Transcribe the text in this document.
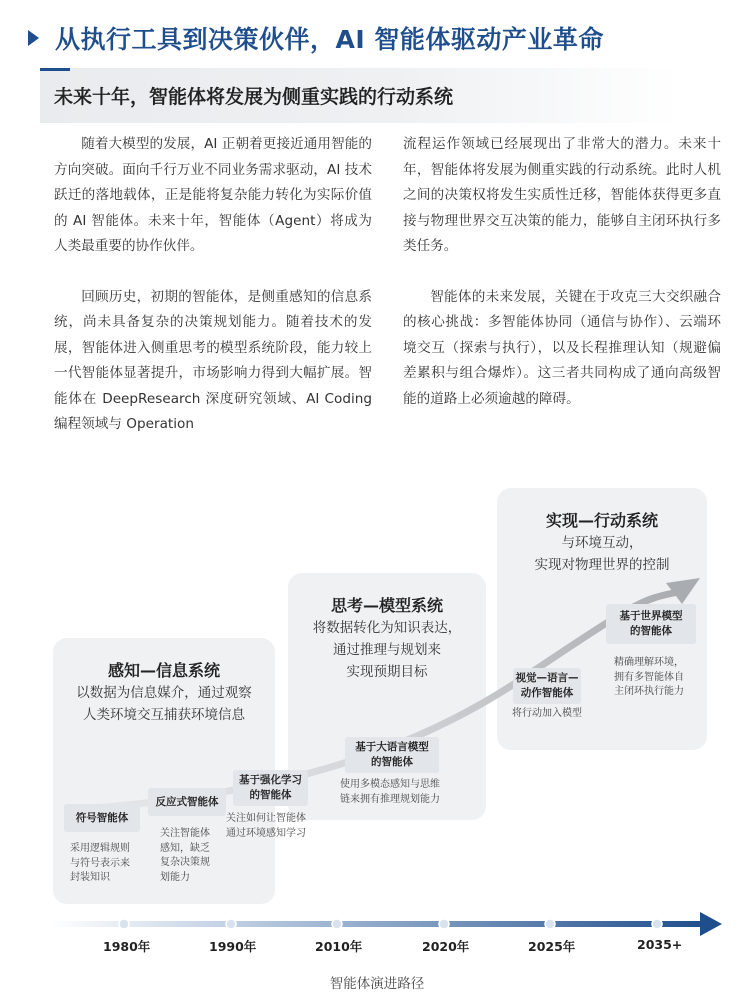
从执行工具到决策伙伴，AI 智能体驱动产业革命
未来十年，智能体将发展为侧重实践的行动系统

随着大模型的发展，AI 正朝着更接近通用智能的方向突破。面向千行万业不同业务需求驱动，AI 技术跃迁的落地载体，正是能将复杂能力转化为实际价值的 AI 智能体。未来十年，智能体（Agent）将成为人类最重要的协作伙伴。

回顾历史，初期的智能体，是侧重感知的信息系统，尚未具备复杂的决策规划能力。随着技术的发展，智能体进入侧重思考的模型系统阶段，能力较上一代智能体显著提升，市场影响力得到大幅扩展。智能体在 DeepResearch 深度研究领域、AI Coding 编程领域与 Operation

流程运作领域已经展现出了非常大的潜力。未来十年，智能体将发展为侧重实践的行动系统。此时人机之间的决策权将发生实质性迁移，智能体获得更多直接与物理世界交互决策的能力，能够自主闭环执行多类任务。

智能体的未来发展，关键在于攻克三大交织融合的核心挑战：多智能体协同（通信与协作）、云端环境交互（探索与执行），以及长程推理认知（规避偏差累积与组合爆炸）。这三者共同构成了通向高级智能的道路上必须逾越的障碍。

感知—信息系统
以数据为信息媒介，通过观察
人类环境交互捕获环境信息
思考—模型系统
将数据转化为知识表达，
通过推理与规划来
实现预期目标
实现—行动系统
与环境互动，
实现对物理世界的控制
符号智能体
反应式智能体
基于强化学习
的智能体
基于大语言模型
的智能体
视觉—语言—
动作智能体
基于世界模型
的智能体
采用逻辑规则
与符号表示来
封装知识
关注智能体
感知，缺乏
复杂决策规
划能力
关注如何让智能体
通过环境感知学习
使用多模态感知与思维
链来拥有推理规划能力
将行动加入模型
精确理解环境，
拥有多智能体自
主闭环执行能力
1980年	1990年	2010年	2020年	2025年	2035+
智能体演进路径
